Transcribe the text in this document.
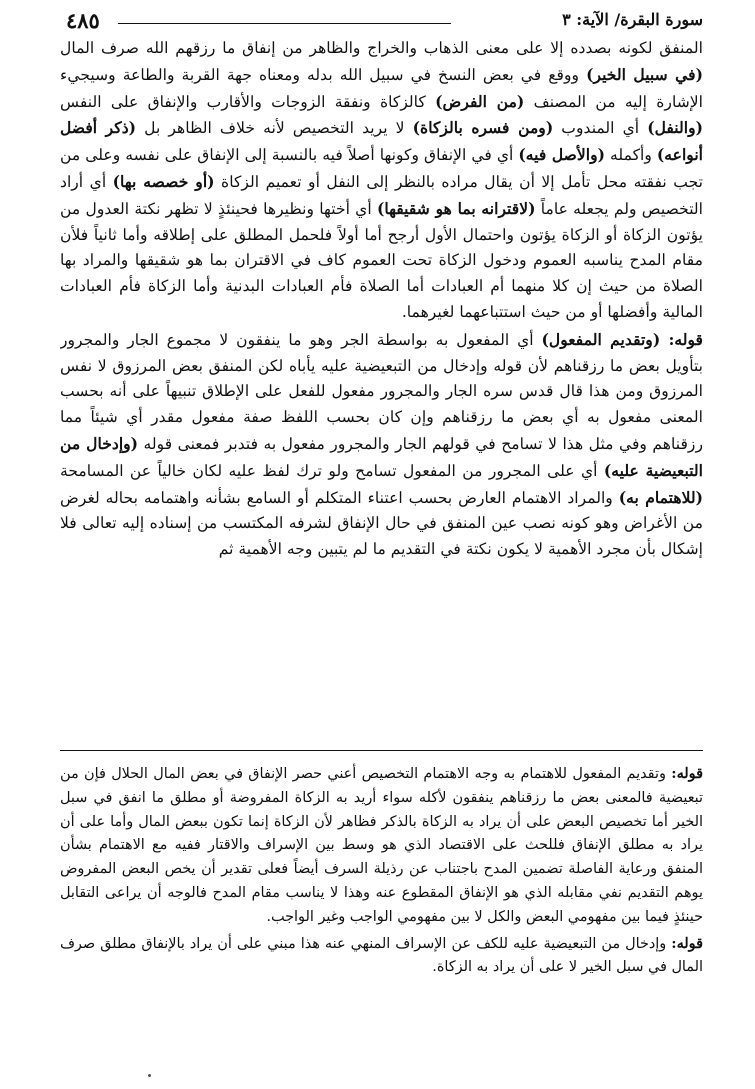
٤٨٥	سورة البقرة/ الآية: ٣

المنفق لكونه بصدده إلا على معنى الذهاب والخراج والظاهر من إنفاق ما رزقهم الله صرف المال (في سبيل الخير) ووقع في بعض النسخ في سبيل الله بدله ومعناه جهة القربة والطاعة وسيجيء الإشارة إليه من المصنف (من الفرض) كالزكاة ونفقة الزوجات والأقارب والإنفاق على النفس (والنفل) أي المندوب (ومن فسره بالزكاة) لا يريد التخصيص لأنه خلاف الظاهر بل (ذكر أفضل أنواعه) وأكمله (والأصل فيه) أي في الإنفاق وكونها أصلاً فيه بالنسبة إلى الإنفاق على نفسه وعلى من تجب نفقته محل تأمل إلا أن يقال مراده بالنظر إلى النفل أو تعميم الزكاة (أو خصصه بها) أي أراد التخصيص ولم يجعله عاماً (لاقترانه بما هو شقيقها) أي أختها ونظيرها فحينئذٍ لا تظهر نكتة العدول من يؤتون الزكاة أو الزكاة يؤتون واحتمال الأول أرجح أما أولاً فلحمل المطلق على إطلاقه وأما ثانياً فلأن مقام المدح يناسبه العموم ودخول الزكاة تحت العموم كاف في الاقتران بما هو شقيقها والمراد بها الصلاة من حيث إن كلا منهما أم العبادات أما الصلاة فأم العبادات البدنية وأما الزكاة فأم العبادات المالية وأفضلها أو من حيث استتباعهما لغيرهما.

قوله: (وتقديم المفعول) أي المفعول به بواسطة الجر وهو ما ينفقون لا مجموع الجار والمجرور بتأويل بعض ما رزقناهم لأن قوله وإدخال من التبعيضية عليه يأباه لكن المنفق بعض المرزوق لا نفس المرزوق ومن هذا قال قدس سره الجار والمجرور مفعول للفعل على الإطلاق تنبيهاً على أنه بحسب المعنى مفعول به أي بعض ما رزقناهم وإن كان بحسب اللفظ صفة مفعول مقدر أي شيئاً مما رزقناهم وفي مثل هذا لا تسامح في قولهم الجار والمجرور مفعول به فتدبر فمعنى قوله (وإدخال من التبعيضية عليه) أي على المجرور من المفعول تسامح ولو ترك لفظ عليه لكان خالياً عن المسامحة (للاهتمام به) والمراد الاهتمام العارض بحسب اعتناء المتكلم أو السامع بشأنه واهتمامه بحاله لغرض من الأغراض وهو كونه نصب عين المنفق في حال الإنفاق لشرفه المكتسب من إسناده إليه تعالى فلا إشكال بأن مجرد الأهمية لا يكون نكتة في التقديم ما لم يتبين وجه الأهمية ثم

قوله: وتقديم المفعول للاهتمام به وجه الاهتمام التخصيص أعني حصر الإنفاق في بعض المال الحلال فإن من تبعيضية فالمعنى بعض ما رزقناهم ينفقون لأكله سواء أريد به الزكاة المفروضة أو مطلق ما انفق في سبل الخير أما تخصيص البعض على أن يراد به الزكاة بالذكر فظاهر لأن الزكاة إنما تكون ببعض المال وأما على أن يراد به مطلق الإنفاق فللحث على الاقتصاد الذي هو وسط بين الإسراف والاقتار ففيه مع الاهتمام بشأن المنفق ورعاية الفاصلة تضمين المدح باجتناب عن رذيلة السرف أيضاً فعلى تقدير أن يخص البعض المفروض يوهم التقديم نفي مقابله الذي هو الإنفاق المقطوع عنه وهذا لا يناسب مقام المدح فالوجه أن يراعى التقابل حينئذٍ فيما بين مفهومي البعض والكل لا بين مفهومي الواجب وغير الواجب.

قوله: وإدخال من التبعيضية عليه للكف عن الإسراف المنهي عنه هذا مبني على أن يراد بالإنفاق مطلق صرف المال في سبل الخير لا على أن يراد به الزكاة.
